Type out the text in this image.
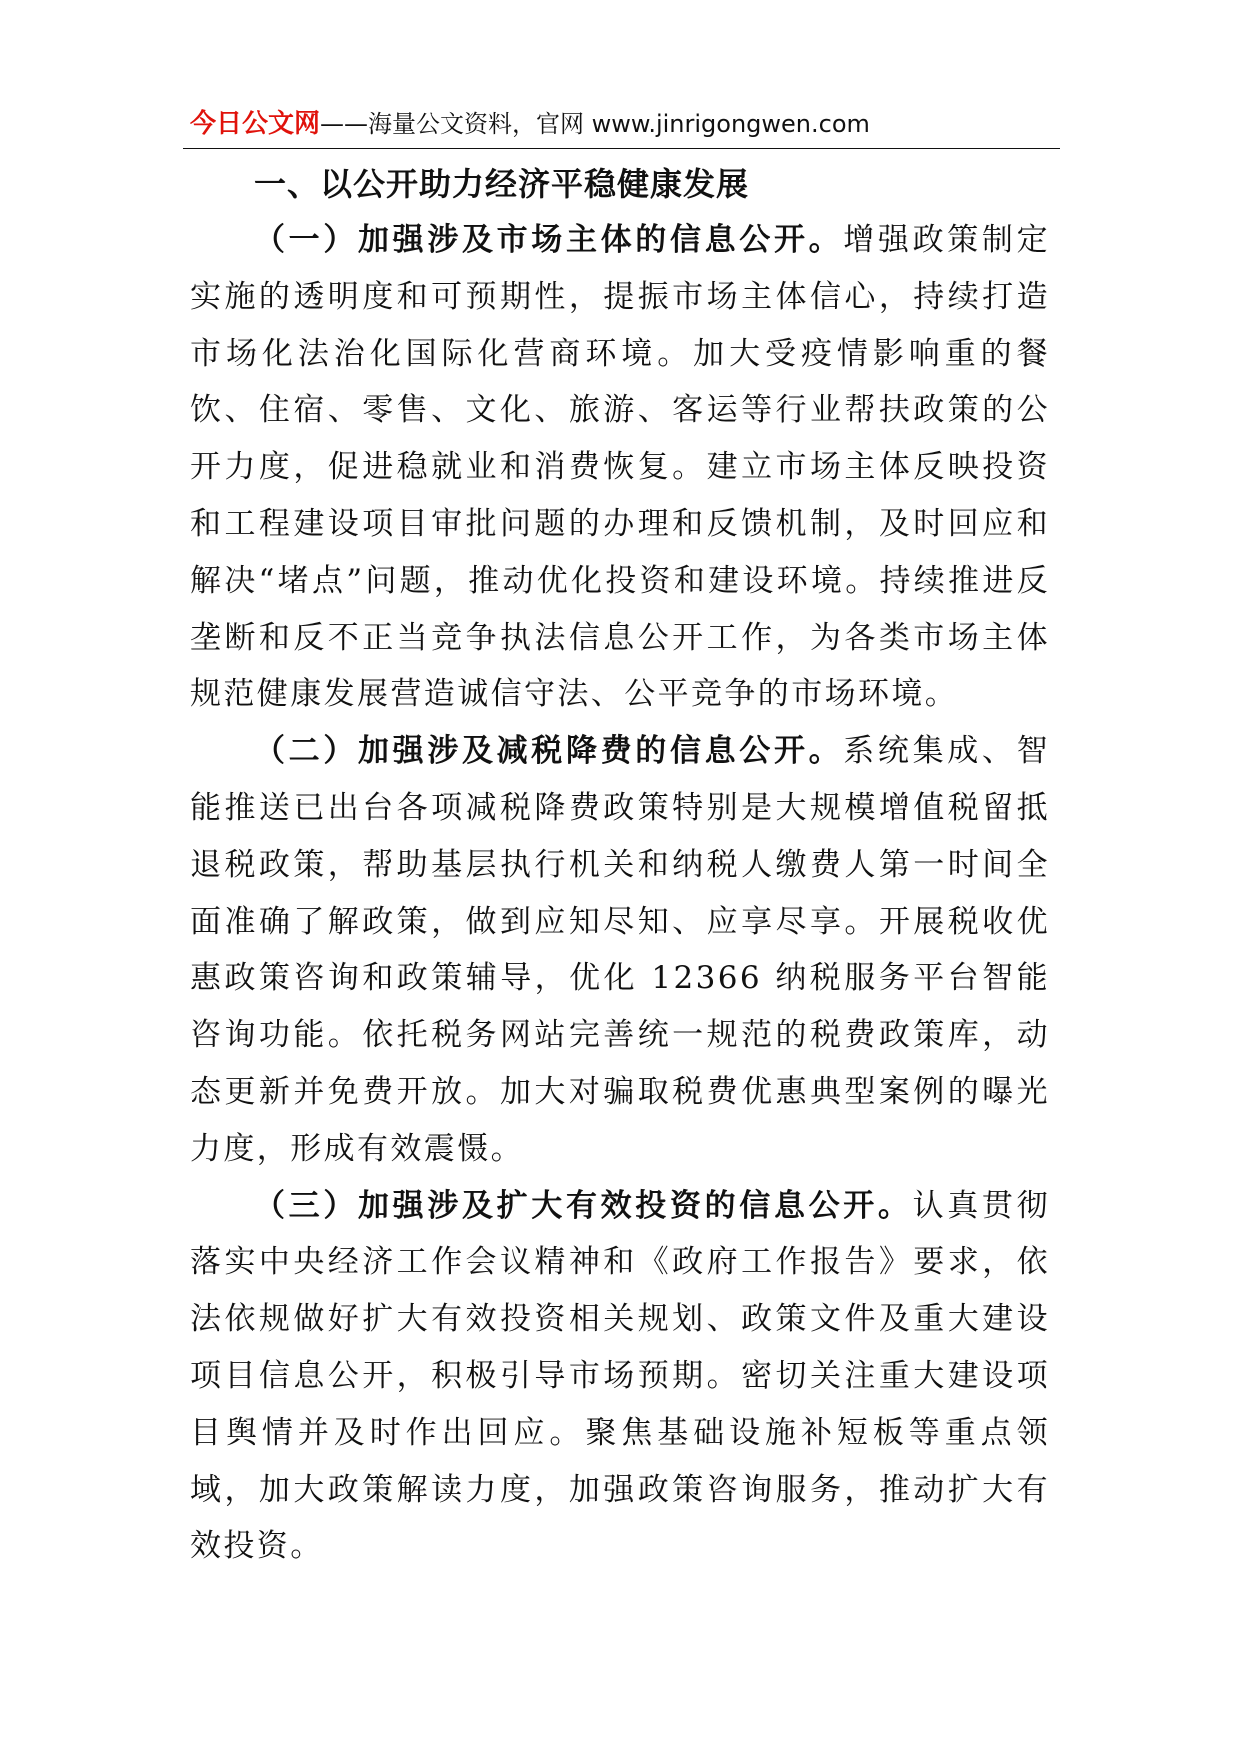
今日公文网——海量公文资料，官网 www.jinrigongwen.com

一、以公开助力经济平稳健康发展

（一）加强涉及市场主体的信息公开。增强政策制定实施的透明度和可预期性，提振市场主体信心，持续打造市场化法治化国际化营商环境。加大受疫情影响重的餐饮、住宿、零售、文化、旅游、客运等行业帮扶政策的公开力度，促进稳就业和消费恢复。建立市场主体反映投资和工程建设项目审批问题的办理和反馈机制，及时回应和解决“堵点”问题，推动优化投资和建设环境。持续推进反垄断和反不正当竞争执法信息公开工作，为各类市场主体规范健康发展营造诚信守法、公平竞争的市场环境。

（二）加强涉及减税降费的信息公开。系统集成、智能推送已出台各项减税降费政策特别是大规模增值税留抵退税政策，帮助基层执行机关和纳税人缴费人第一时间全面准确了解政策，做到应知尽知、应享尽享。开展税收优惠政策咨询和政策辅导，优化 12366 纳税服务平台智能咨询功能。依托税务网站完善统一规范的税费政策库，动态更新并免费开放。加大对骗取税费优惠典型案例的曝光力度，形成有效震慑。

（三）加强涉及扩大有效投资的信息公开。认真贯彻落实中央经济工作会议精神和《政府工作报告》要求，依法依规做好扩大有效投资相关规划、政策文件及重大建设项目信息公开，积极引导市场预期。密切关注重大建设项目舆情并及时作出回应。聚焦基础设施补短板等重点领域，加大政策解读力度，加强政策咨询服务，推动扩大有效投资。
